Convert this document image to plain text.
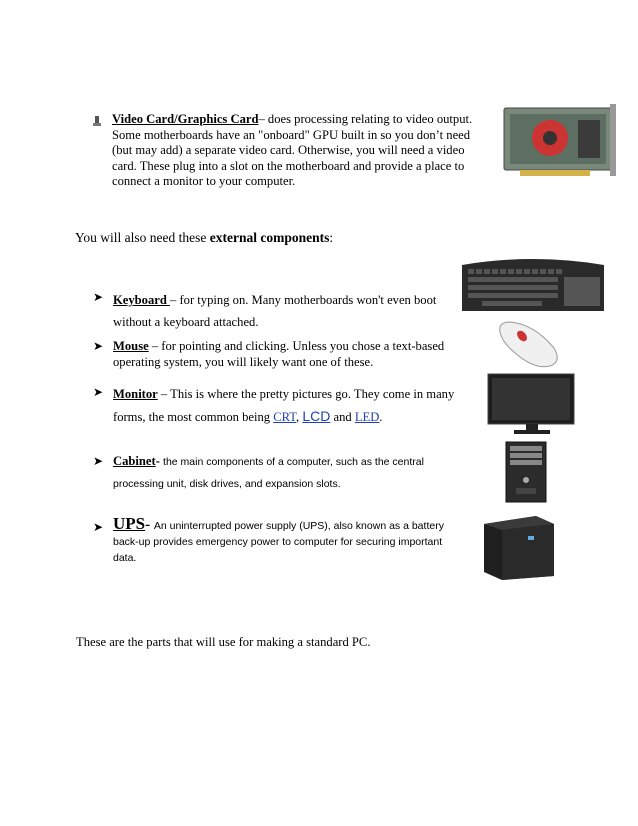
Video Card/Graphics Card– does processing relating to video output.
Some motherboards have an "onboard" GPU built in so you don’t need
(but may add) a separate video card. Otherwise, you will need a video
card. These plug into a slot on the motherboard and provide a place to
connect a monitor to your computer.
You will also need these external components:
➤ Keyboard – for typing on. Many motherboards won't even boot
without a keyboard attached.
➤ Mouse – for pointing and clicking. Unless you chose a text-based
operating system, you will likely want one of these.
➤ Monitor – This is where the pretty pictures go. They come in many
forms, the most common being CRT, LCD and LED.
➤ Cabinet- the main components of a computer, such as the central
processing unit, disk drives, and expansion slots.
➤ UPS- An uninterrupted power supply (UPS), also known as a battery
back-up provides emergency power to computer for securing important
data.
These are the parts that will use for making a standard PC.
